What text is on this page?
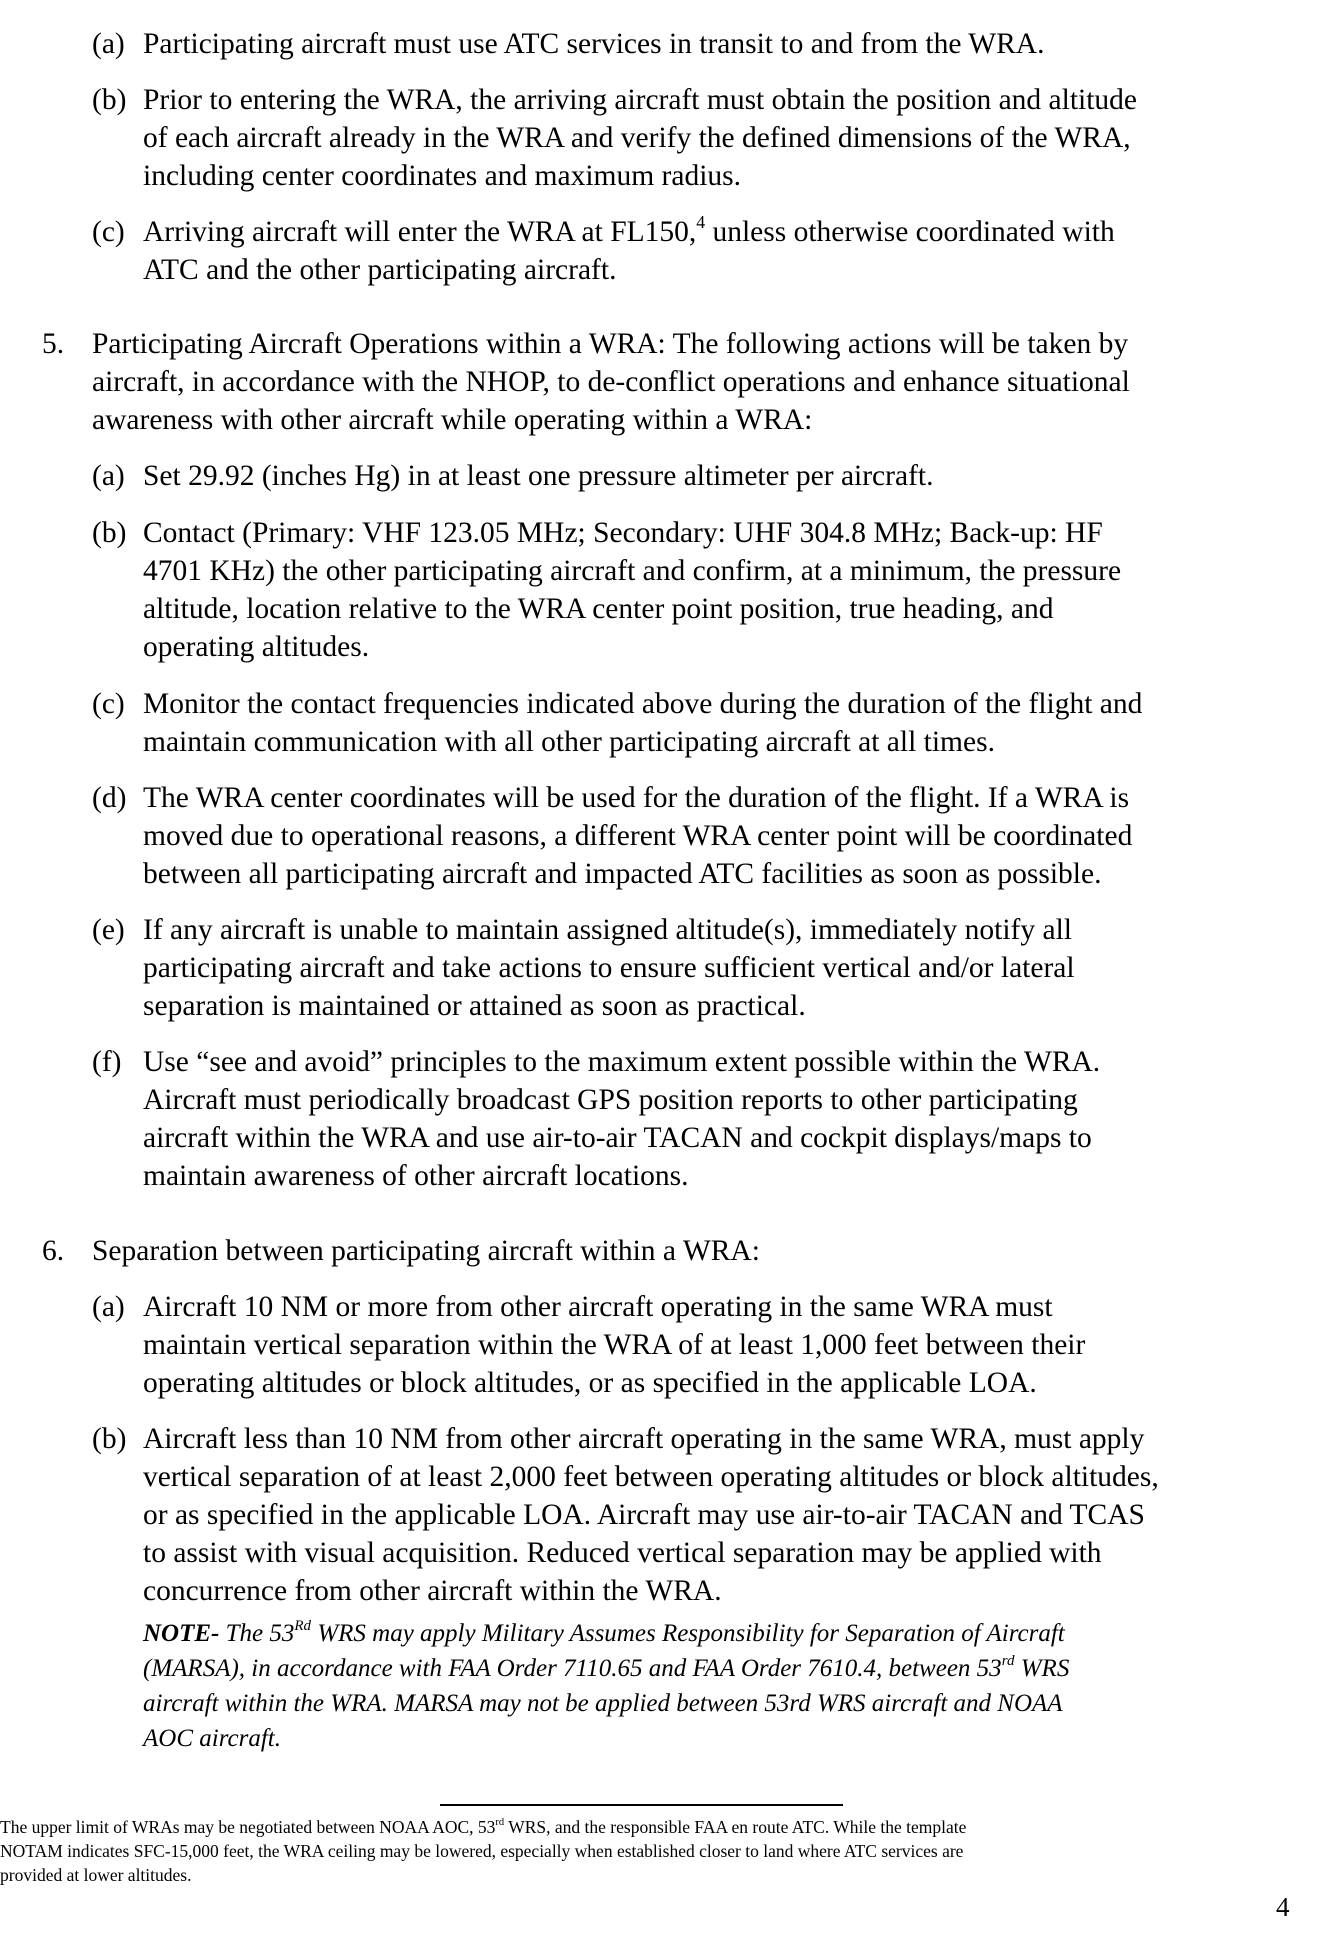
(a) Participating aircraft must use ATC services in transit to and from the WRA.
(b) Prior to entering the WRA, the arriving aircraft must obtain the position and altitude
of each aircraft already in the WRA and verify the defined dimensions of the WRA,
including center coordinates and maximum radius.
(c) Arriving aircraft will enter the WRA at FL150,$^4$ unless otherwise coordinated with
ATC and the other participating aircraft.
5. Participating Aircraft Operations within a WRA: The following actions will be taken by
aircraft, in accordance with the NHOP, to de-conflict operations and enhance situational
awareness with other aircraft while operating within a WRA:
(a) Set 29.92 (inches Hg) in at least one pressure altimeter per aircraft.
(b) Contact (Primary: VHF 123.05 MHz; Secondary: UHF 304.8 MHz; Back-up: HF
4701 KHz) the other participating aircraft and confirm, at a minimum, the pressure
altitude, location relative to the WRA center point position, true heading, and
operating altitudes.
(c) Monitor the contact frequencies indicated above during the duration of the flight and
maintain communication with all other participating aircraft at all times.
(d) The WRA center coordinates will be used for the duration of the flight. If a WRA is
moved due to operational reasons, a different WRA center point will be coordinated
between all participating aircraft and impacted ATC facilities as soon as possible.
(e) If any aircraft is unable to maintain assigned altitude(s), immediately notify all
participating aircraft and take actions to ensure sufficient vertical and/or lateral
separation is maintained or attained as soon as practical.
(f) Use “see and avoid” principles to the maximum extent possible within the WRA.
Aircraft must periodically broadcast GPS position reports to other participating
aircraft within the WRA and use air-to-air TACAN and cockpit displays/maps to
maintain awareness of other aircraft locations.
6. Separation between participating aircraft within a WRA:
(a) Aircraft 10 NM or more from other aircraft operating in the same WRA must
maintain vertical separation within the WRA of at least 1,000 feet between their
operating altitudes or block altitudes, or as specified in the applicable LOA.
(b) Aircraft less than 10 NM from other aircraft operating in the same WRA, must apply
vertical separation of at least 2,000 feet between operating altitudes or block altitudes,
or as specified in the applicable LOA. Aircraft may use air-to-air TACAN and TCAS
to assist with visual acquisition. Reduced vertical separation may be applied with
concurrence from other aircraft within the WRA.
NOTE- The 53Rd WRS may apply Military Assumes Responsibility for Separation of Aircraft
(MARSA), in accordance with FAA Order 7110.65 and FAA Order 7610.4, between 53rd WRS
aircraft within the WRA. MARSA may not be applied between 53rd WRS aircraft and NOAA
AOC aircraft.
The upper limit of WRAs may be negotiated between NOAA AOC, 53rd WRS, and the responsible FAA en route ATC. While the template
NOTAM indicates SFC-15,000 feet, the WRA ceiling may be lowered, especially when established closer to land where ATC services are
provided at lower altitudes.
4
